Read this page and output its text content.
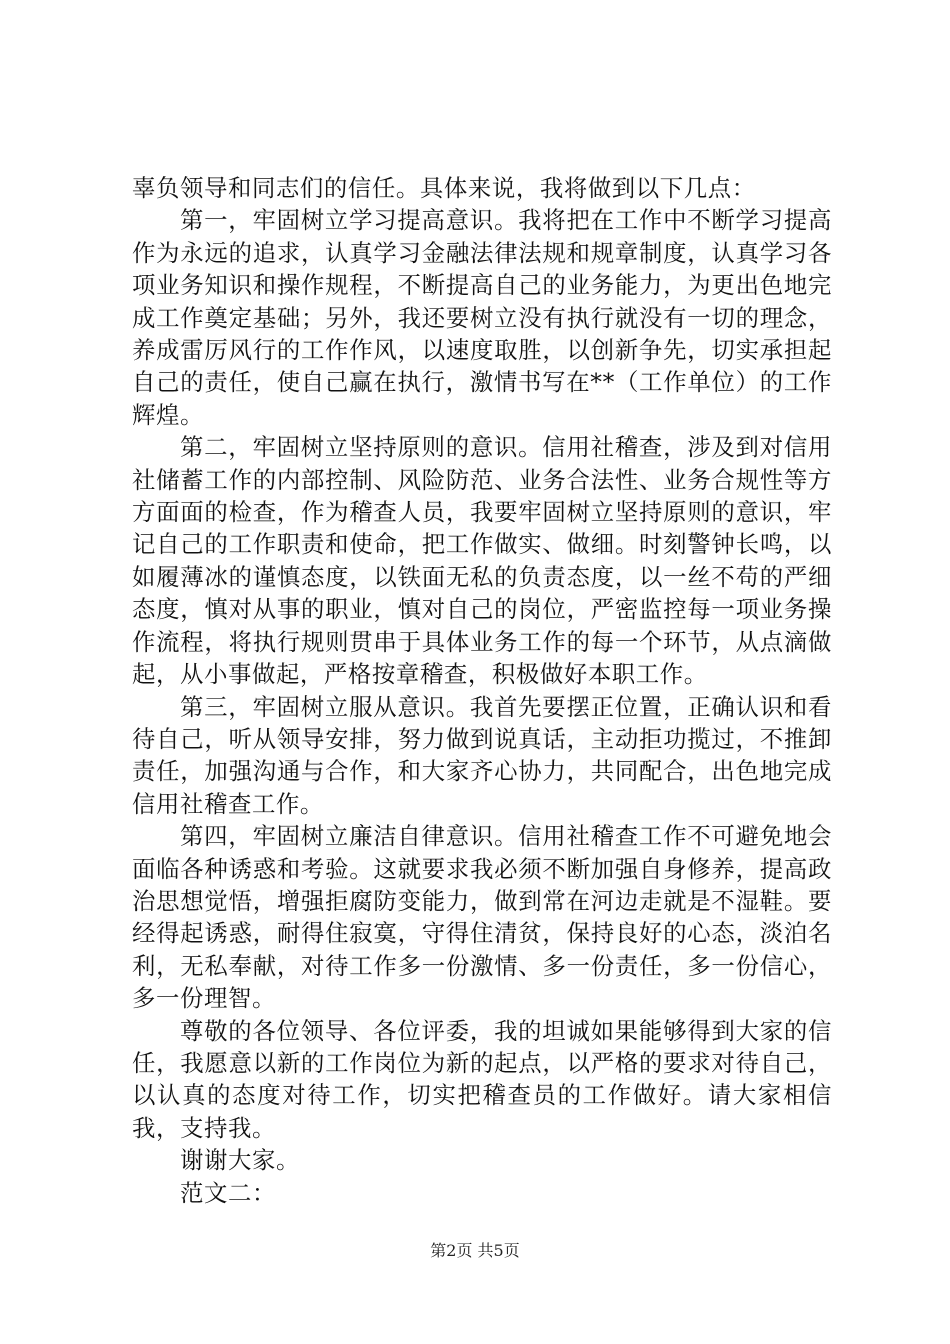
辜负领导和同志们的信任。具体来说，我将做到以下几点：

第一，牢固树立学习提高意识。我将把在工作中不断学习提高作为永远的追求，认真学习金融法律法规和规章制度，认真学习各项业务知识和操作规程，不断提高自己的业务能力，为更出色地完成工作奠定基础；另外，我还要树立没有执行就没有一切的理念，养成雷厉风行的工作作风，以速度取胜，以创新争先，切实承担起自己的责任，使自己赢在执行，激情书写在**（工作单位）的工作辉煌。

第二，牢固树立坚持原则的意识。信用社稽查，涉及到对信用社储蓄工作的内部控制、风险防范、业务合法性、业务合规性等方方面面的检查，作为稽查人员，我要牢固树立坚持原则的意识，牢记自己的工作职责和使命，把工作做实、做细。时刻警钟长鸣，以如履薄冰的谨慎态度，以铁面无私的负责态度，以一丝不苟的严细态度，慎对从事的职业，慎对自己的岗位，严密监控每一项业务操作流程，将执行规则贯串于具体业务工作的每一个环节，从点滴做起，从小事做起，严格按章稽查，积极做好本职工作。

第三，牢固树立服从意识。我首先要摆正位置，正确认识和看待自己，听从领导安排，努力做到说真话，主动拒功揽过，不推卸责任，加强沟通与合作，和大家齐心协力，共同配合，出色地完成信用社稽查工作。

第四，牢固树立廉洁自律意识。信用社稽查工作不可避免地会面临各种诱惑和考验。这就要求我必须不断加强自身修养，提高政治思想觉悟，增强拒腐防变能力，做到常在河边走就是不湿鞋。要经得起诱惑，耐得住寂寞，守得住清贫，保持良好的心态，淡泊名利，无私奉献，对待工作多一份激情、多一份责任，多一份信心，多一份理智。

尊敬的各位领导、各位评委，我的坦诚如果能够得到大家的信任，我愿意以新的工作岗位为新的起点，以严格的要求对待自己，以认真的态度对待工作，切实把稽查员的工作做好。请大家相信我，支持我。

谢谢大家。

范文二：

第2页 共5页
